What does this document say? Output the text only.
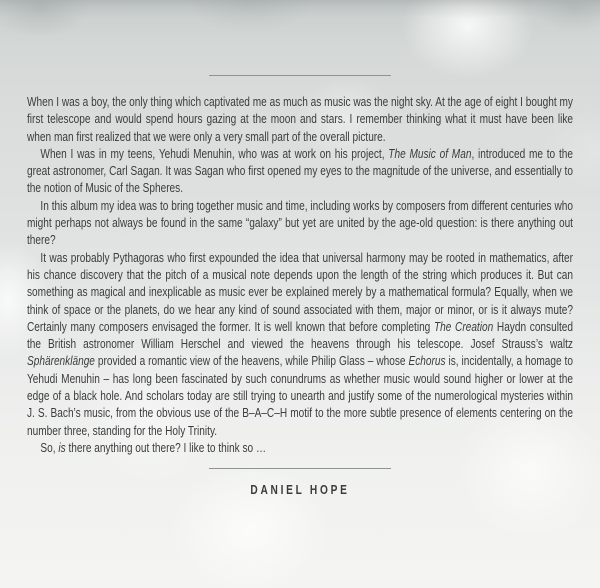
When I was a boy, the only thing which captivated me as much as music was the night sky. At the age of eight I bought my first telescope and would spend hours gazing at the moon and stars. I remember thinking what it must have been like when man first realized that we were only a very small part of the overall picture.

When I was in my teens, Yehudi Menuhin, who was at work on his project, The Music of Man, introduced me to the great astronomer, Carl Sagan. It was Sagan who first opened my eyes to the magnitude of the universe, and essentially to the notion of Music of the Spheres.

In this album my idea was to bring together music and time, including works by composers from different centuries who might perhaps not always be found in the same “galaxy” but yet are united by the age-old question: is there anything out there?

It was probably Pythagoras who first expounded the idea that universal harmony may be rooted in mathematics, after his chance discovery that the pitch of a musical note depends upon the length of the string which produces it. But can something as magical and inexplicable as music ever be explained merely by a mathematical formula? Equally, when we think of space or the planets, do we hear any kind of sound associated with them, major or minor, or is it always mute? Certainly many composers envisaged the former. It is well known that before completing The Creation Haydn consulted the British astronomer William Herschel and viewed the heavens through his telescope. Josef Strauss’s waltz Sphärenklänge provided a romantic view of the heavens, while Philip Glass – whose Echorus is, incidentally, a homage to Yehudi Menuhin – has long been fascinated by such conundrums as whether music would sound higher or lower at the edge of a black hole. And scholars today are still trying to unearth and justify some of the numerological mysteries within J. S. Bach’s music, from the obvious use of the B–A–C–H motif to the more subtle presence of elements centering on the number three, standing for the Holy Trinity.

So, is there anything out there? I like to think so …

DANIEL HOPE
